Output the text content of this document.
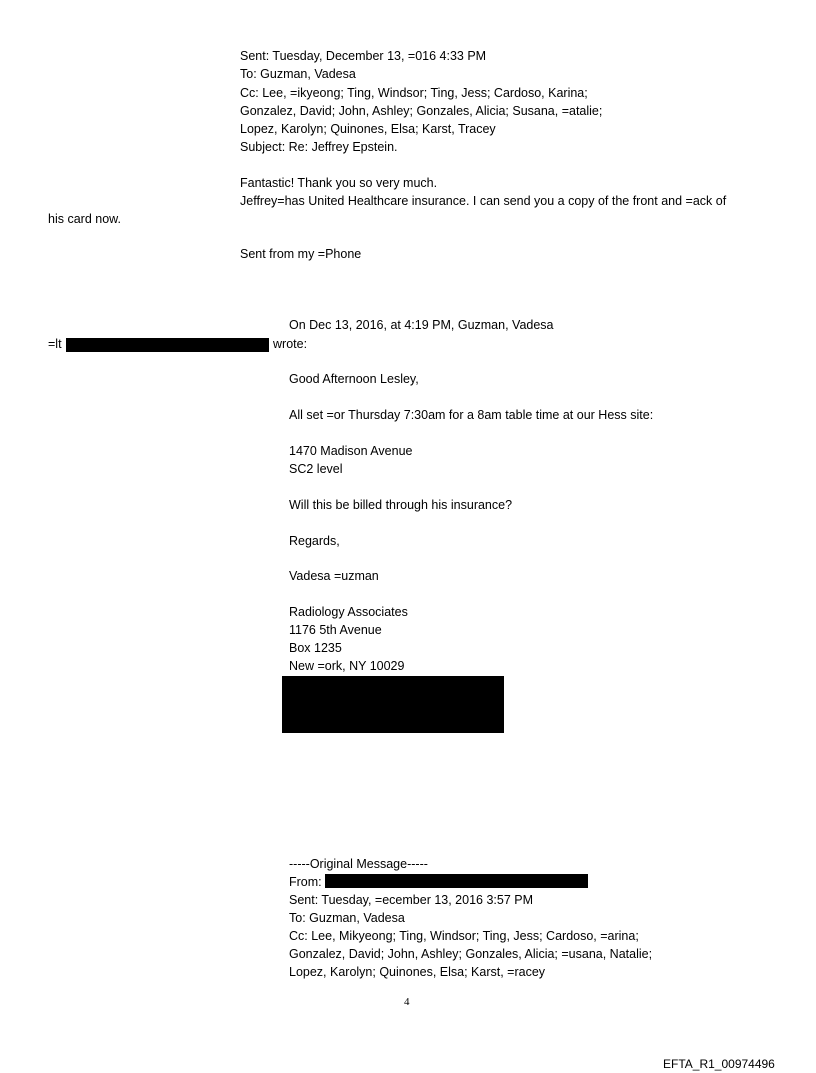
Sent: Tuesday, December 13, =016 4:33 PM
To: Guzman, Vadesa
Cc: Lee, =ikyeong; Ting, Windsor; Ting, Jess; Cardoso, Karina;
Gonzalez, David; John, Ashley; Gonzales, Alicia; Susana, =atalie;
Lopez, Karolyn; Quinones, Elsa; Karst, Tracey
Subject: Re: Jeffrey Epstein.
Fantastic! Thank you so very much.
Jeffrey=has United Healthcare insurance. I can send you a copy of the front and =ack of
his card now.
Sent from my =Phone
On Dec 13, 2016, at 4:19 PM, Guzman, Vadesa
=lt	wrote:
Good Afternoon Lesley,
All set =or Thursday 7:30am for a 8am table time at our Hess site:
1470 Madison Avenue
SC2 level
Will this be billed through his insurance?
Regards,
Vadesa =uzman
Radiology Associates
1176 5th Avenue
Box 1235
New =ork, NY 10029
-----Original Message-----
From:
Sent: Tuesday, =ecember 13, 2016 3:57 PM
To: Guzman, Vadesa
Cc: Lee, Mikyeong; Ting, Windsor; Ting, Jess; Cardoso, =arina;
Gonzalez, David; John, Ashley; Gonzales, Alicia; =usana, Natalie;
Lopez, Karolyn; Quinones, Elsa; Karst, =racey
4
EFTA_R1_00974496
